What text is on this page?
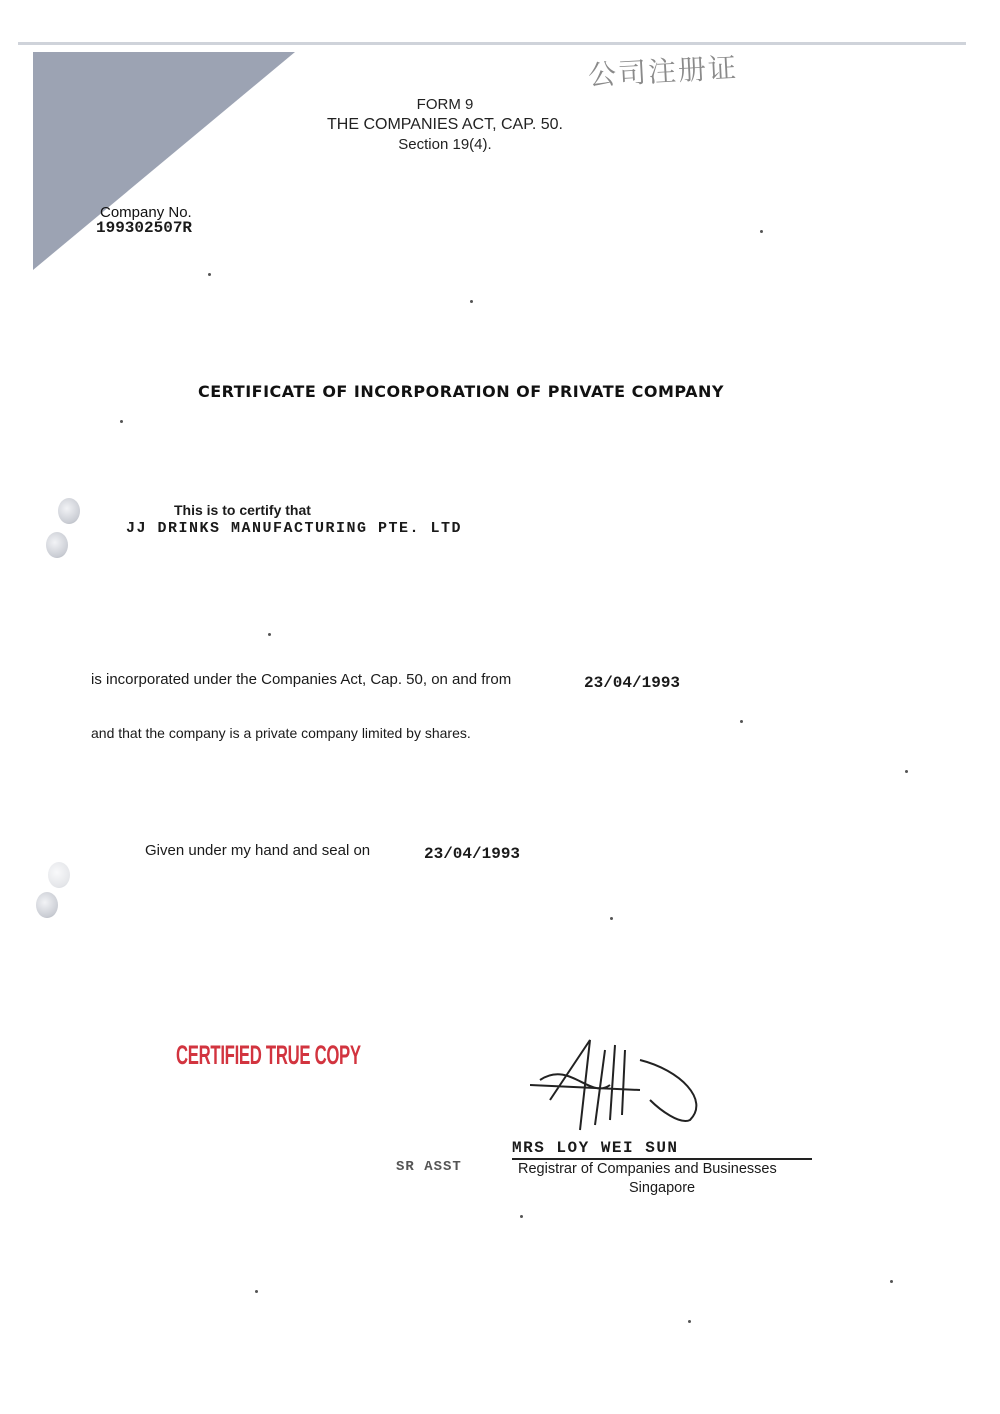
公司注册证
FORM 9
THE COMPANIES ACT, CAP. 50.
Section 19(4).
Company No.
199302507R
CERTIFICATE OF INCORPORATION OF PRIVATE COMPANY
This is to certify that
JJ DRINKS MANUFACTURING PTE. LTD
is incorporated under the Companies Act, Cap. 50, on and from	23/04/1993
and that the company is a private company limited by shares.
Given under my hand and seal on	23/04/1993
CERTIFIED TRUE COPY
MRS LOY WEI SUN
Registrar of Companies and Businesses
Singapore
SR ASST
